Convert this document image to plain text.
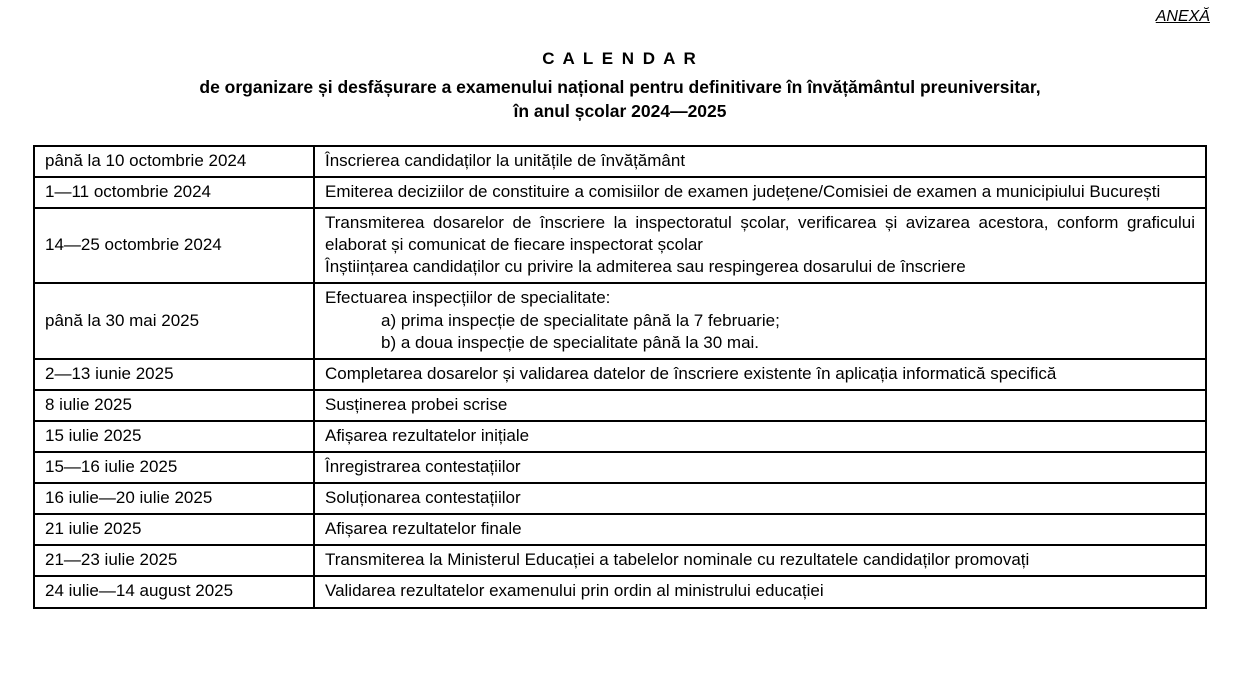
ANEXĂ
C A L E N D A R
de organizare și desfășurare a examenului național pentru definitivare în învățământul preuniversitar,
în anul școlar 2024—2025
până la 10 octombrie 2024	Înscrierea candidaților la unitățile de învățământ

1—11 octombrie 2024	Emiterea deciziilor de constituire a comisiilor de examen județene/Comisiei de examen a municipiului București

14—25 octombrie 2024	Transmiterea dosarelor de înscriere la inspectoratul școlar, verificarea și avizarea acestora, conform graficului elaborat și comunicat de fiecare inspectorat școlar
Înștiințarea candidaților cu privire la admiterea sau respingerea dosarului de înscriere

până la 30 mai 2025	Efectuarea inspecțiilor de specialitate:
a) prima inspecție de specialitate până la 7 februarie;
b) a doua inspecție de specialitate până la 30 mai.

2—13 iunie 2025	Completarea dosarelor și validarea datelor de înscriere existente în aplicația informatică specifică

8 iulie 2025	Susținerea probei scrise

15 iulie 2025	Afișarea rezultatelor inițiale

15—16 iulie 2025	Înregistrarea contestațiilor

16 iulie—20 iulie 2025	Soluționarea contestațiilor

21 iulie 2025	Afișarea rezultatelor finale

21—23 iulie 2025	Transmiterea la Ministerul Educației a tabelelor nominale cu rezultatele candidaților promovați

24 iulie—14 august 2025	Validarea rezultatelor examenului prin ordin al ministrului educației
